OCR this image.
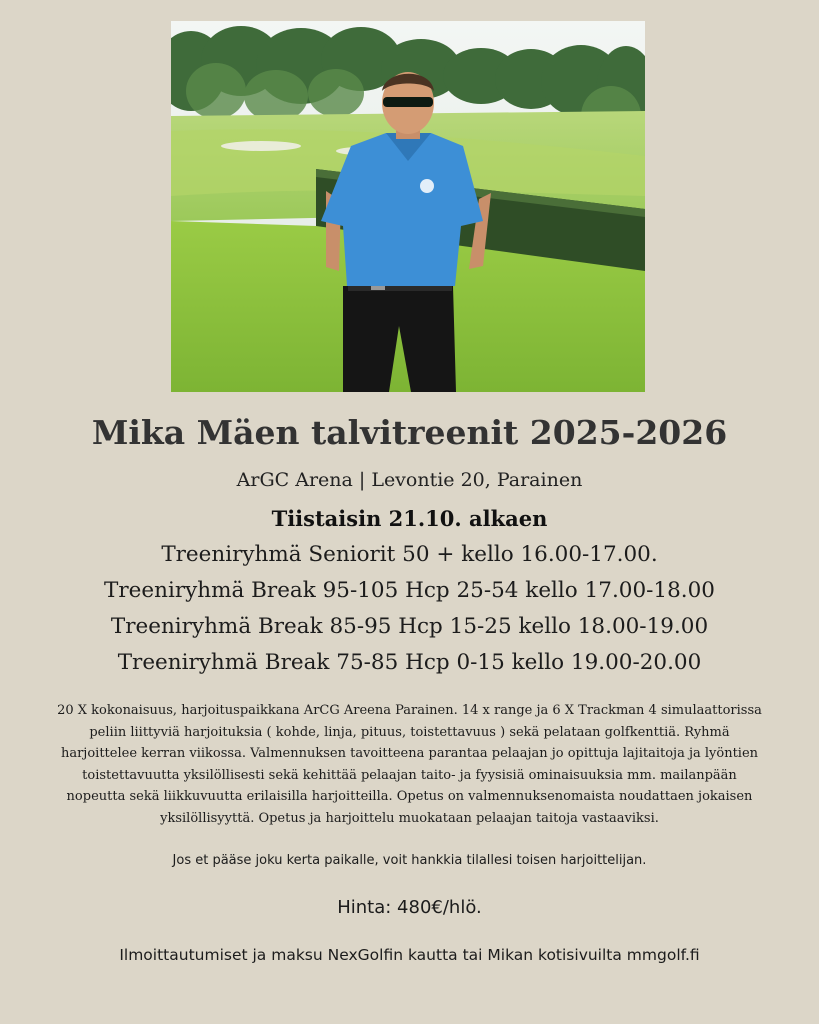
Mika Mäen talvitreenit 2025-2026
ArGC Arena | Levontie 20, Parainen
Tiistaisin 21.10. alkaen
Treeniryhmä Seniorit 50 + kello 16.00-17.00.
Treeniryhmä Break 95-105 Hcp 25-54 kello 17.00-18.00
Treeniryhmä Break 85-95 Hcp 15-25 kello 18.00-19.00
Treeniryhmä Break 75-85 Hcp 0-15 kello 19.00-20.00
20 X kokonaisuus, harjoituspaikkana ArCG Areena Parainen. 14 x range ja 6 X Trackman 4 simulaattorissa peliin liittyviä harjoituksia ( kohde, linja, pituus, toistettavuus ) sekä pelataan golfkenttiä. Ryhmä harjoittelee kerran viikossa. Valmennuksen tavoitteena parantaa pelaajan jo opittuja lajitaitoja ja lyöntien toistettavuutta yksilöllisesti sekä kehittää pelaajan taito- ja fyysisiä ominaisuuksia mm. mailanpään nopeutta sekä liikkuvuutta erilaisilla harjoitteilla. Opetus on valmennuksenomaista noudattaen jokaisen yksilöllisyyttä. Opetus ja harjoittelu muokataan pelaajan taitoja vastaaviksi.
Jos et pääse joku kerta paikalle, voit hankkia tilallesi toisen harjoittelijan.
Hinta: 480€/hlö.
Ilmoittautumiset ja maksu NexGolfin kautta tai Mikan kotisivuilta mmgolf.fi
